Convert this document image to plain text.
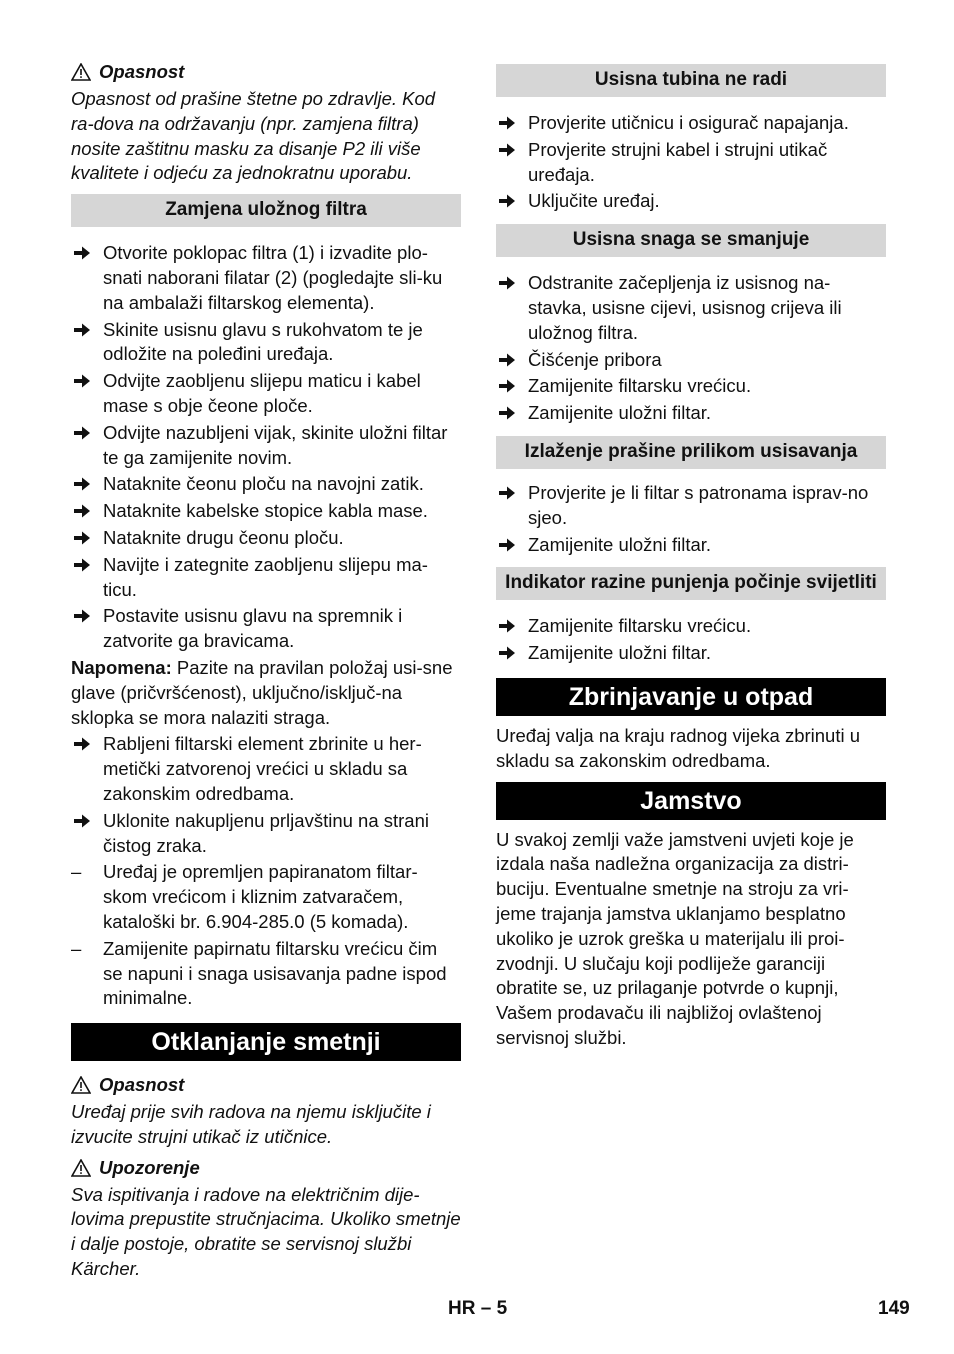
Opasnost

Opasnost od prašine štetne po zdravlje. Kod ra-dova na održavanju (npr. zamjena filtra) nosite zaštitnu masku za disanje P2 ili više kvalitete i odjeću za jednokratnu uporabu.

Zamjena uložnog filtra
Otvorite poklopac filtra (1) i izvadite plo-snati naborani filatar (2) (pogledajte sli-ku na ambalaži filtarskog elementa).
Skinite usisnu glavu s rukohvatom te je odložite na poleđini uređaja.
Odvijte zaobljenu slijepu maticu i kabel mase s obje čeone ploče.
Odvijte nazubljeni vijak, skinite uložni filtar te ga zamijenite novim.
Nataknite čeonu ploču na navojni zatik.
Nataknite kabelske stopice kabla mase.
Nataknite drugu čeonu ploču.
Navijte i zategnite zaobljenu slijepu ma-ticu.
Postavite usisnu glavu na spremnik i zatvorite ga bravicama.

Napomena: Pazite na pravilan položaj usi-sne glave (pričvršćenost), uključno/isključ-na sklopka se mora nalaziti straga.

Rabljeni filtarski element zbrinite u her-metički zatvorenoj vrećici u skladu sa zakonskim odredbama.
Uklonite nakupljenu prljavštinu na strani čistog zraka.
– Uređaj je opremljen papiranatom filtar-skom vrećicom i kliznim zatvaračem, kataloški br. 6.904-285.0 (5 komada).
– Zamijenite papirnatu filtarsku vrećicu čim se napuni i snaga usisavanja padne ispod minimalne.
Otklanjanje smetnji
Opasnost

Uređaj prije svih radova na njemu isključite i izvucite strujni utikač iz utičnice.

Upozorenje

Sva ispitivanja i radove na električnim dije-lovima prepustite stručnjacima. Ukoliko smetnje i dalje postoje, obratite se servisnoj službi Kärcher.

Usisna tubina ne radi
Provjerite utičnicu i osigurač napajanja.
Provjerite strujni kabel i strujni utikač uređaja.
Uključite uređaj.
Usisna snaga se smanjuje
Odstranite začepljenja iz usisnog na-stavka, usisne cijevi, usisnog crijeva ili uložnog filtra.
Čišćenje pribora
Zamijenite filtarsku vrećicu.
Zamijenite uložni filtar.
Izlaženje prašine prilikom usisavanja
Provjerite je li filtar s patronama isprav-no sjeo.
Zamijenite uložni filtar.
Indikator razine punjenja počinje svijetliti
Zamijenite filtarsku vrećicu.
Zamijenite uložni filtar.
Zbrinjavanje u otpad

Uređaj valja na kraju radnog vijeka zbrinuti u skladu sa zakonskim odredbama.

Jamstvo

U svakoj zemlji važe jamstveni uvjeti koje je izdala naša nadležna organizacija za distri-buciju. Eventualne smetnje na stroju za vri-jeme trajanja jamstva uklanjamo besplatno ukoliko je uzrok greška u materijalu ili proi-zvodnji. U slučaju koji podliježe garanciji obratite se, uz prilaganje potvrde o kupnji, Vašem prodavaču ili najbližoj ovlaštenoj servisnoj službi.

HR – 5	149
